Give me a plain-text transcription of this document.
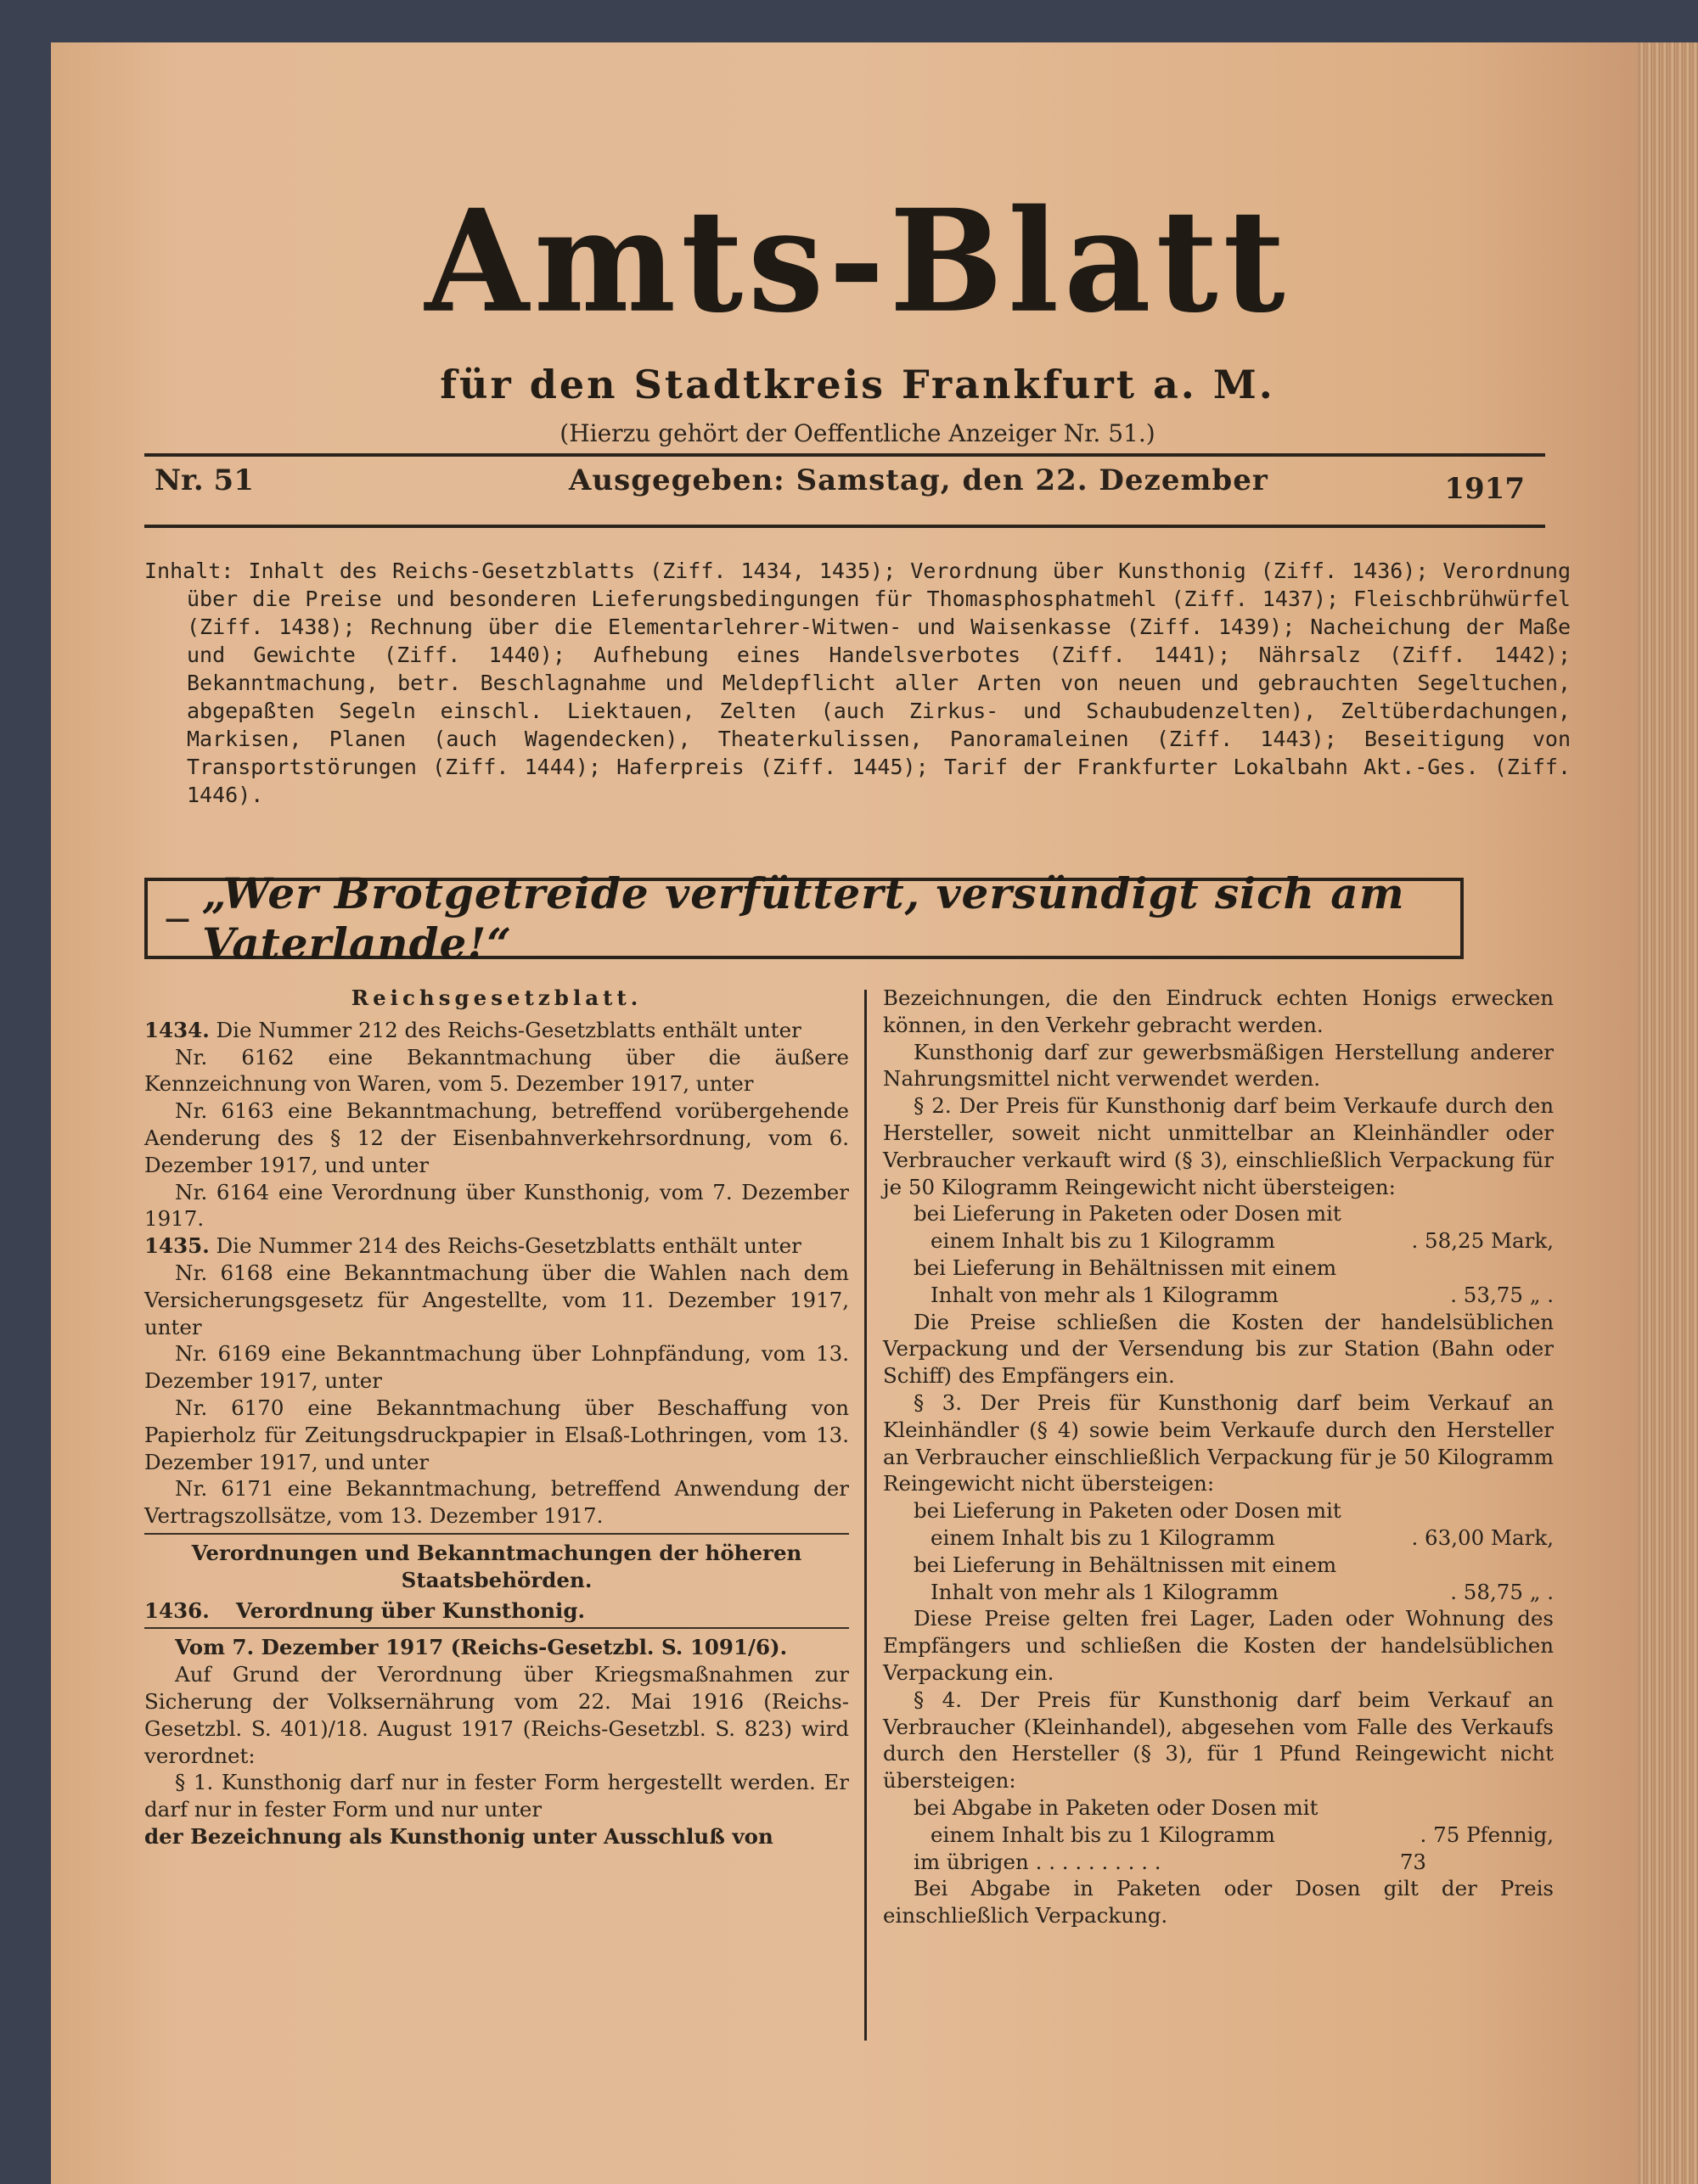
Amts-Blatt
für den Stadtkreis Frankfurt a. M.
(Hierzu gehört der Oeffentliche Anzeiger Nr. 51.)
Nr. 51	Ausgegeben: Samstag, den 22. Dezember	1917
Inhalt: Inhalt des Reichs-Gesetzblatts (Ziff. 1434, 1435); Verordnung über Kunsthonig (Ziff. 1436); Verordnung über die Preise und besonderen Lieferungsbedingungen für Thomasphosphatmehl (Ziff. 1437); Fleischbrühwürfel (Ziff. 1438); Rechnung über die Elementarlehrer-Witwen- und Waisenkasse (Ziff. 1439); Nacheichung der Maße und Gewichte (Ziff. 1440); Aufhebung eines Handelsverbotes (Ziff. 1441); Nährsalz (Ziff. 1442); Bekanntmachung, betr. Beschlagnahme und Meldepflicht aller Arten von neuen und gebrauchten Segeltuchen, abgepaßten Segeln einschl. Liektauen, Zelten (auch Zirkus- und Schaubudenzelten), Zeltüberdachungen, Markisen, Planen (auch Wagendecken), Theaterkulissen, Panoramaleinen (Ziff. 1443); Beseitigung von Transportstörungen (Ziff. 1444); Haferpreis (Ziff. 1445); Tarif der Frankfurter Lokalbahn Akt.-Ges. (Ziff. 1446).
— „Wer Brotgetreide verfüttert, versündigt sich am Vaterlande!“

Reichsgesetzblatt.

1434. Die Nummer 212 des Reichs-Gesetzblatts enthält unter

Nr. 6162 eine Bekanntmachung über die äußere Kennzeichnung von Waren, vom 5. Dezember 1917, unter

Nr. 6163 eine Bekanntmachung, betreffend vorübergehende Aenderung des § 12 der Eisenbahnverkehrsordnung, vom 6. Dezember 1917, und unter

Nr. 6164 eine Verordnung über Kunsthonig, vom 7. Dezember 1917.

1435. Die Nummer 214 des Reichs-Gesetzblatts enthält unter

Nr. 6168 eine Bekanntmachung über die Wahlen nach dem Versicherungsgesetz für Angestellte, vom 11. Dezember 1917, unter

Nr. 6169 eine Bekanntmachung über Lohnpfändung, vom 13. Dezember 1917, unter

Nr. 6170 eine Bekanntmachung über Beschaffung von Papierholz für Zeitungsdruckpapier in Elsaß-Lothringen, vom 13. Dezember 1917, und unter

Nr. 6171 eine Bekanntmachung, betreffend Anwendung der Vertragszollsätze, vom 13. Dezember 1917.

Verordnungen und Bekanntmachungen der höheren Staatsbehörden.

1436. Verordnung über Kunsthonig.

Vom 7. Dezember 1917 (Reichs-Gesetzbl. S. 1091/6).

Auf Grund der Verordnung über Kriegsmaßnahmen zur Sicherung der Volksernährung vom 22. Mai 1916 (Reichs-Gesetzbl. S. 401)/18. August 1917 (Reichs-Gesetzbl. S. 823) wird verordnet:

§ 1. Kunsthonig darf nur in fester Form hergestellt werden. Er darf nur in fester Form und nur unter

der Bezeichnung als Kunsthonig unter Ausschluß von

Bezeichnungen, die den Eindruck echten Honigs erwecken können, in den Verkehr gebracht werden.

Kunsthonig darf zur gewerbsmäßigen Herstellung anderer Nahrungsmittel nicht verwendet werden.

§ 2. Der Preis für Kunsthonig darf beim Verkaufe durch den Hersteller, soweit nicht unmittelbar an Kleinhändler oder Verbraucher verkauft wird (§ 3), einschließlich Verpackung für je 50 Kilogramm Reingewicht nicht übersteigen:

bei Lieferung in Paketen oder Dosen mit

einem Inhalt bis zu 1 Kilogramm	. 58,25 Mark,

bei Lieferung in Behältnissen mit einem

Inhalt von mehr als 1 Kilogramm	. 53,75 „ .

Die Preise schließen die Kosten der handelsüblichen Verpackung und der Versendung bis zur Station (Bahn oder Schiff) des Empfängers ein.

§ 3. Der Preis für Kunsthonig darf beim Verkauf an Kleinhändler (§ 4) sowie beim Verkaufe durch den Hersteller an Verbraucher einschließlich Verpackung für je 50 Kilogramm Reingewicht nicht übersteigen:

bei Lieferung in Paketen oder Dosen mit

einem Inhalt bis zu 1 Kilogramm	. 63,00 Mark,

bei Lieferung in Behältnissen mit einem

Inhalt von mehr als 1 Kilogramm	. 58,75 „ .

Diese Preise gelten frei Lager, Laden oder Wohnung des Empfängers und schließen die Kosten der handelsüblichen Verpackung ein.

§ 4. Der Preis für Kunsthonig darf beim Verkauf an Verbraucher (Kleinhandel), abgesehen vom Falle des Verkaufs durch den Hersteller (§ 3), für 1 Pfund Reingewicht nicht übersteigen:

bei Abgabe in Paketen oder Dosen mit

einem Inhalt bis zu 1 Kilogramm	. 75 Pfennig,

im übrigen . . . . . . . . . .	73

Bei Abgabe in Paketen oder Dosen gilt der Preis einschließlich Verpackung.
